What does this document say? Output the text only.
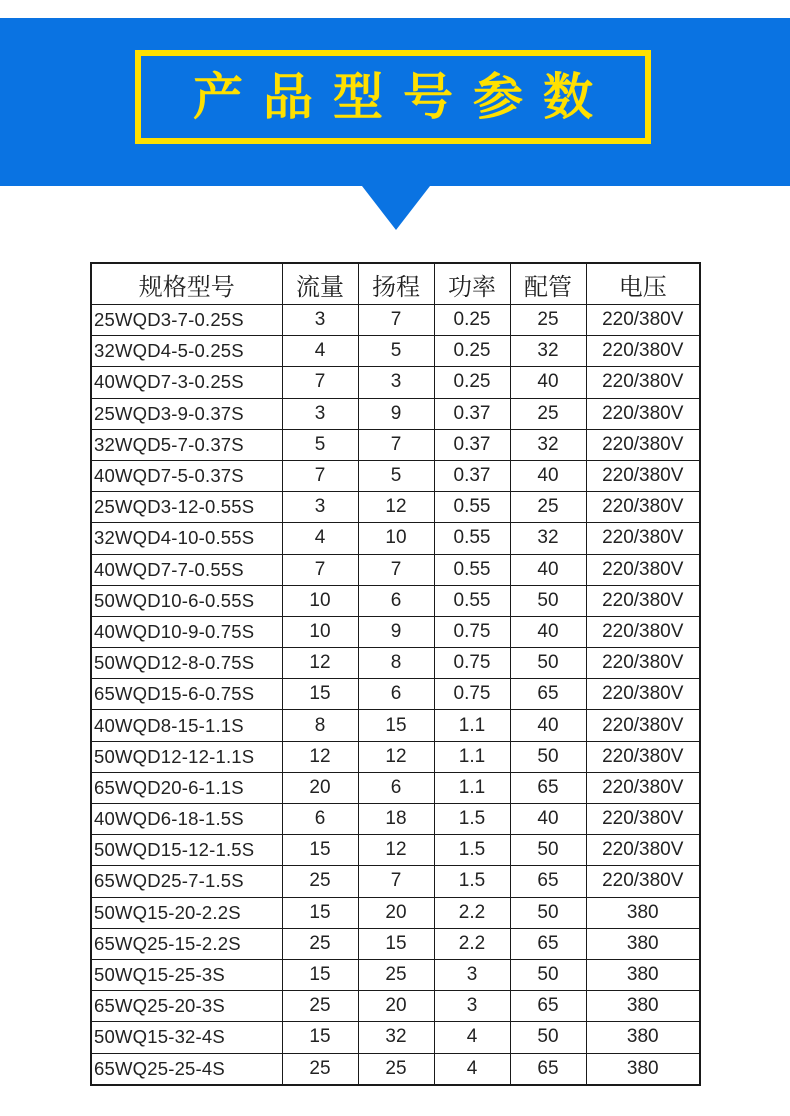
产品型号参数
规格型号	流量	扬程	功率	配管	电压
25WQD3-7-0.25S	3	7	0.25	25	220/380V
32WQD4-5-0.25S	4	5	0.25	32	220/380V
40WQD7-3-0.25S	7	3	0.25	40	220/380V
25WQD3-9-0.37S	3	9	0.37	25	220/380V
32WQD5-7-0.37S	5	7	0.37	32	220/380V
40WQD7-5-0.37S	7	5	0.37	40	220/380V
25WQD3-12-0.55S	3	12	0.55	25	220/380V
32WQD4-10-0.55S	4	10	0.55	32	220/380V
40WQD7-7-0.55S	7	7	0.55	40	220/380V
50WQD10-6-0.55S	10	6	0.55	50	220/380V
40WQD10-9-0.75S	10	9	0.75	40	220/380V
50WQD12-8-0.75S	12	8	0.75	50	220/380V
65WQD15-6-0.75S	15	6	0.75	65	220/380V
40WQD8-15-1.1S	8	15	1.1	40	220/380V
50WQD12-12-1.1S	12	12	1.1	50	220/380V
65WQD20-6-1.1S	20	6	1.1	65	220/380V
40WQD6-18-1.5S	6	18	1.5	40	220/380V
50WQD15-12-1.5S	15	12	1.5	50	220/380V
65WQD25-7-1.5S	25	7	1.5	65	220/380V
50WQ15-20-2.2S	15	20	2.2	50	380
65WQ25-15-2.2S	25	15	2.2	65	380
50WQ15-25-3S	15	25	3	50	380
65WQ25-20-3S	25	20	3	65	380
50WQ15-32-4S	15	32	4	50	380
65WQ25-25-4S	25	25	4	65	380
